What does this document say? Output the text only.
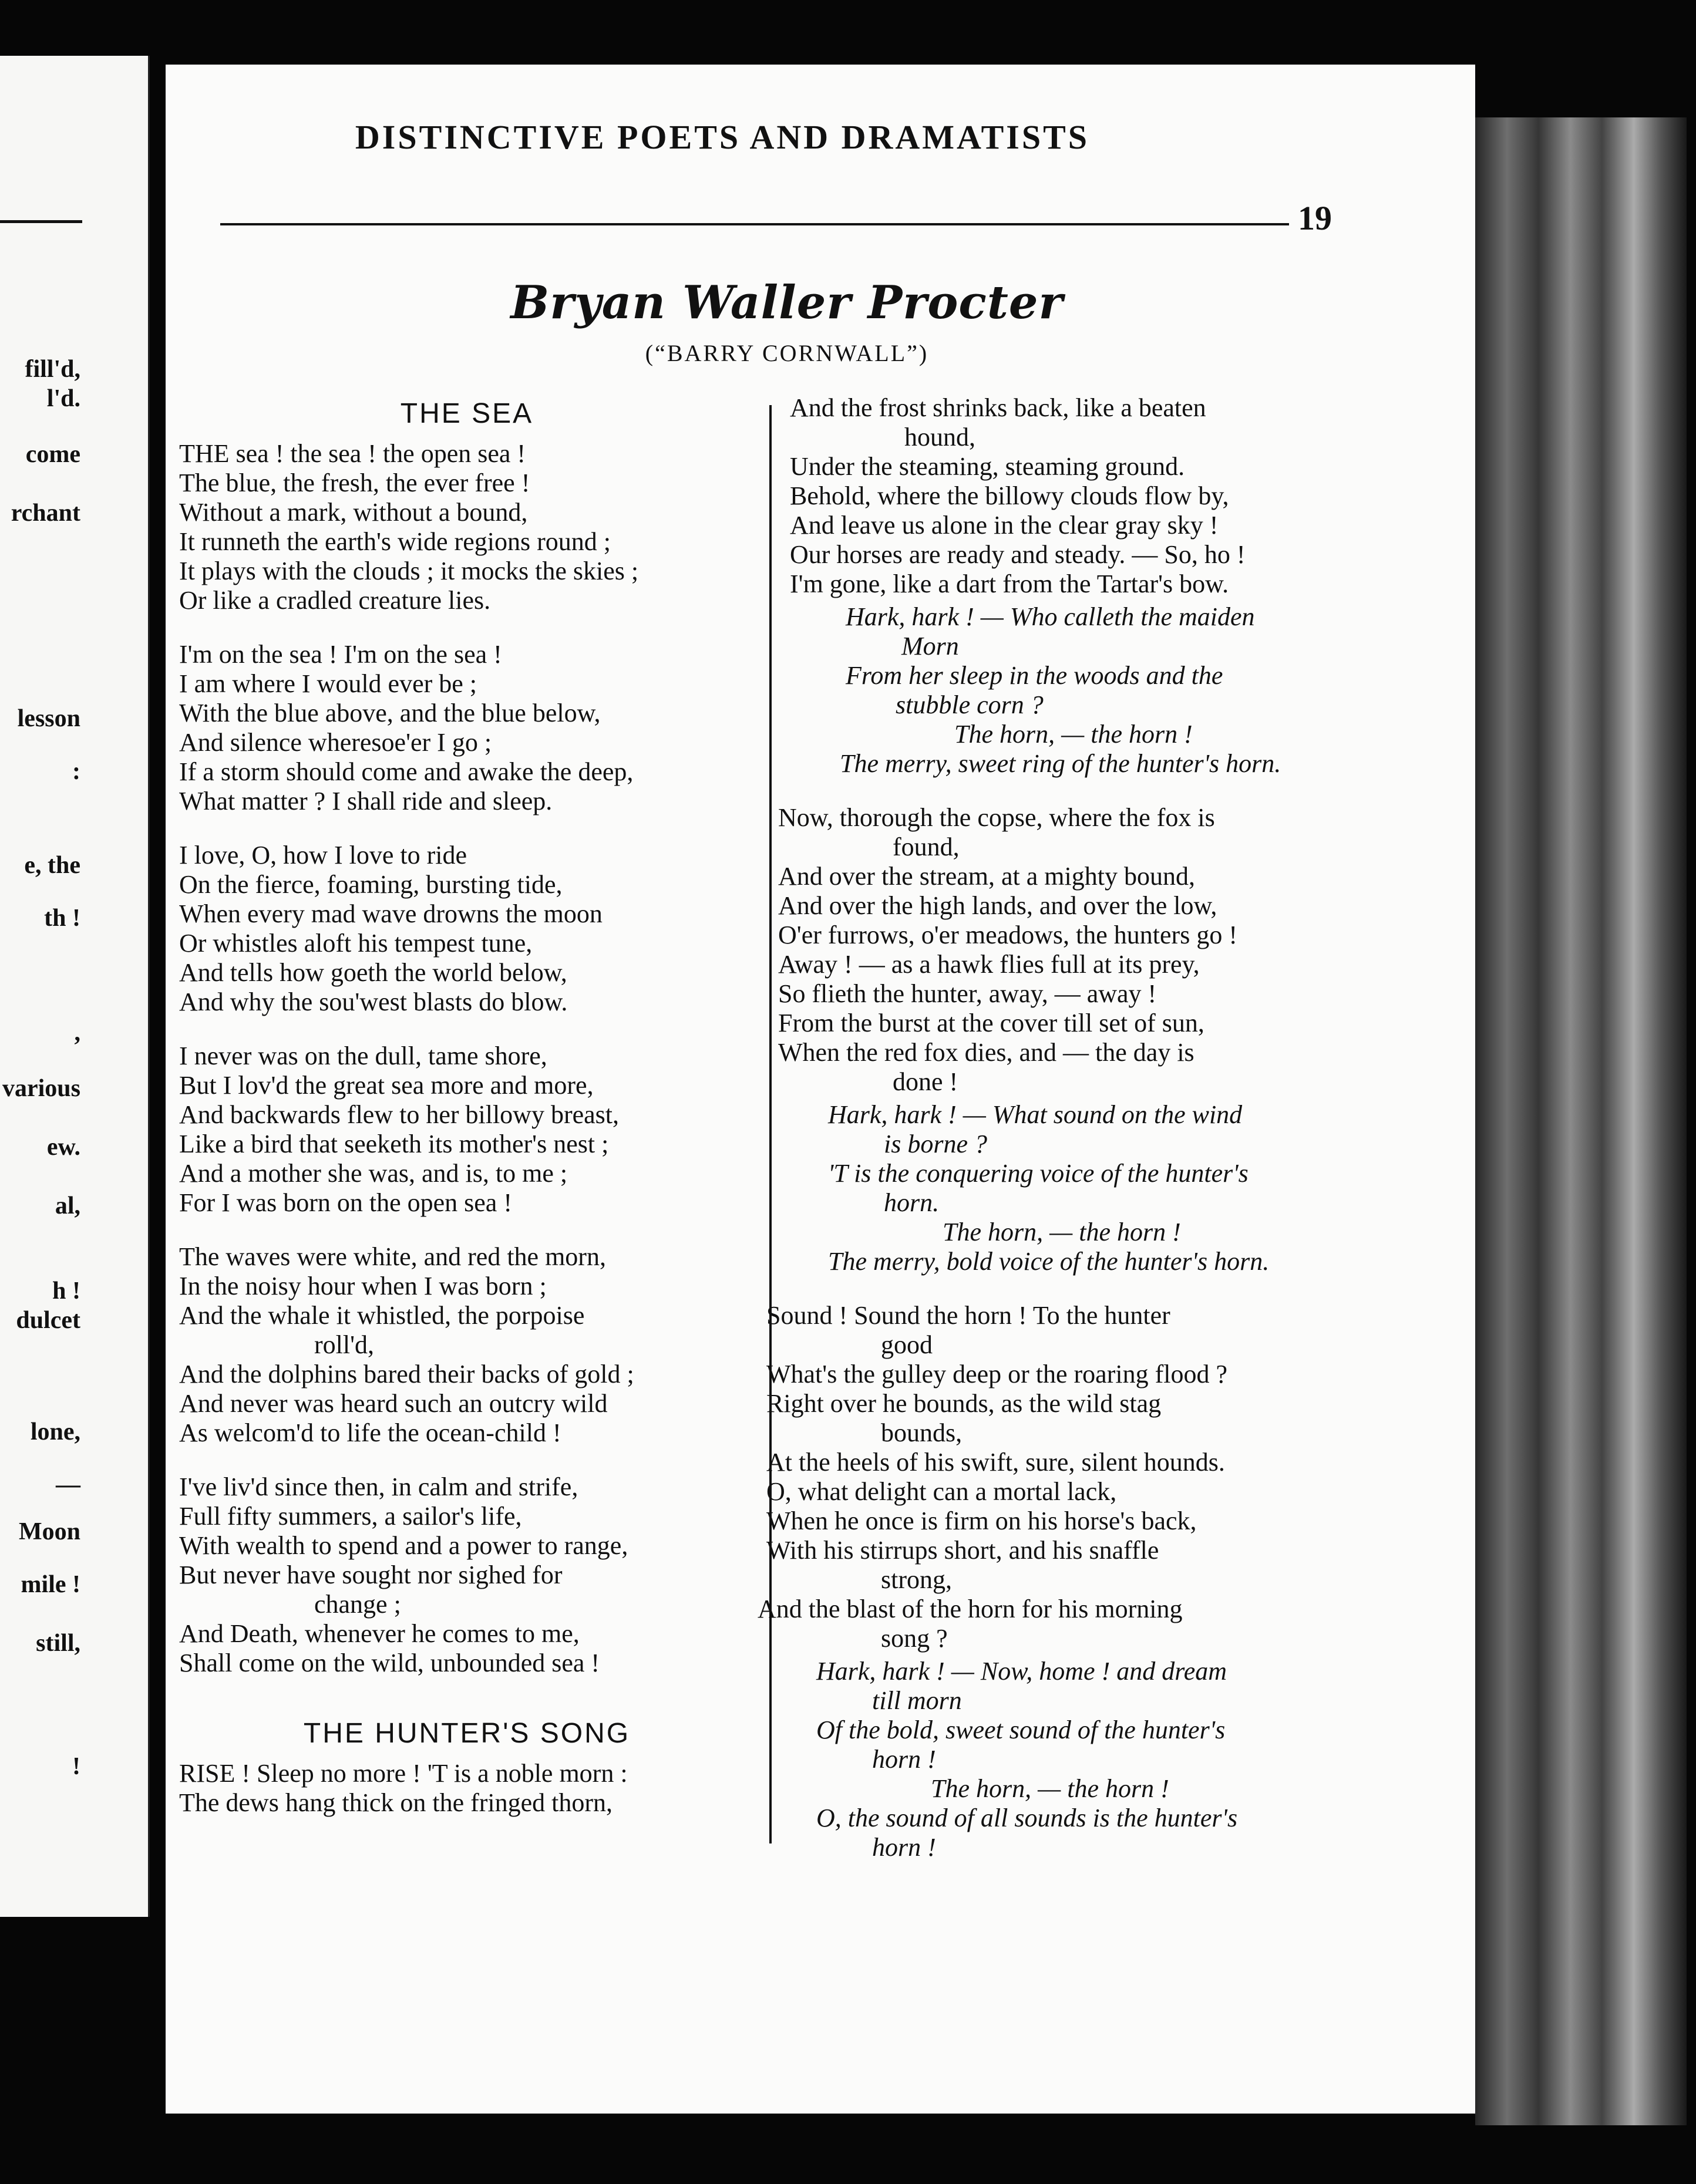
fill'd,
l'd.
come
rchant
lesson
:
e, the
th !
,
various
ew.
al,
h !
dulcet
lone,
—
Moon
mile !
still,
!
DISTINCTIVE POETS AND DRAMATISTS
19
Bryan Waller Procter
(“BARRY CORNWALL”)
THE SEA
THE sea ! the sea ! the open sea !
The blue, the fresh, the ever free !
Without a mark, without a bound,
It runneth the earth's wide regions round ;
It plays with the clouds ; it mocks the skies ;
Or like a cradled creature lies.
I'm on the sea ! I'm on the sea !
I am where I would ever be ;
With the blue above, and the blue below,
And silence wheresoe'er I go ;
If a storm should come and awake the deep,
What matter ? I shall ride and sleep.
I love, O, how I love to ride
On the fierce, foaming, bursting tide,
When every mad wave drowns the moon
Or whistles aloft his tempest tune,
And tells how goeth the world below,
And why the sou'west blasts do blow.
I never was on the dull, tame shore,
But I lov'd the great sea more and more,
And backwards flew to her billowy breast,
Like a bird that seeketh its mother's nest ;
And a mother she was, and is, to me ;
For I was born on the open sea !
The waves were white, and red the morn,
In the noisy hour when I was born ;
And the whale it whistled, the porpoise
roll'd,
And the dolphins bared their backs of gold ;
And never was heard such an outcry wild
As welcom'd to life the ocean-child !
I've liv'd since then, in calm and strife,
Full fifty summers, a sailor's life,
With wealth to spend and a power to range,
But never have sought nor sighed for
change ;
And Death, whenever he comes to me,
Shall come on the wild, unbounded sea !
THE HUNTER'S SONG
RISE ! Sleep no more ! 'T is a noble morn :
The dews hang thick on the fringed thorn,
And the frost shrinks back, like a beaten
hound,
Under the steaming, steaming ground.
Behold, where the billowy clouds flow by,
And leave us alone in the clear gray sky !
Our horses are ready and steady. — So, ho !
I'm gone, like a dart from the Tartar's bow.
Hark, hark ! — Who calleth the maiden
Morn
From her sleep in the woods and the
stubble corn ?
The horn, — the horn !
The merry, sweet ring of the hunter's horn.
Now, thorough the copse, where the fox is
found,
And over the stream, at a mighty bound,
And over the high lands, and over the low,
O'er furrows, o'er meadows, the hunters go !
Away ! — as a hawk flies full at its prey,
So flieth the hunter, away, — away !
From the burst at the cover till set of sun,
When the red fox dies, and — the day is
done !
Hark, hark ! — What sound on the wind
is borne ?
'T is the conquering voice of the hunter's
horn.
The horn, — the horn !
The merry, bold voice of the hunter's horn.
Sound ! Sound the horn ! To the hunter
good
What's the gulley deep or the roaring flood ?
Right over he bounds, as the wild stag
bounds,
At the heels of his swift, sure, silent hounds.
O, what delight can a mortal lack,
When he once is firm on his horse's back,
With his stirrups short, and his snaffle
strong,
And the blast of the horn for his morning
song ?
Hark, hark ! — Now, home ! and dream
till morn
Of the bold, sweet sound of the hunter's
horn !
The horn, — the horn !
O, the sound of all sounds is the hunter's
horn !
